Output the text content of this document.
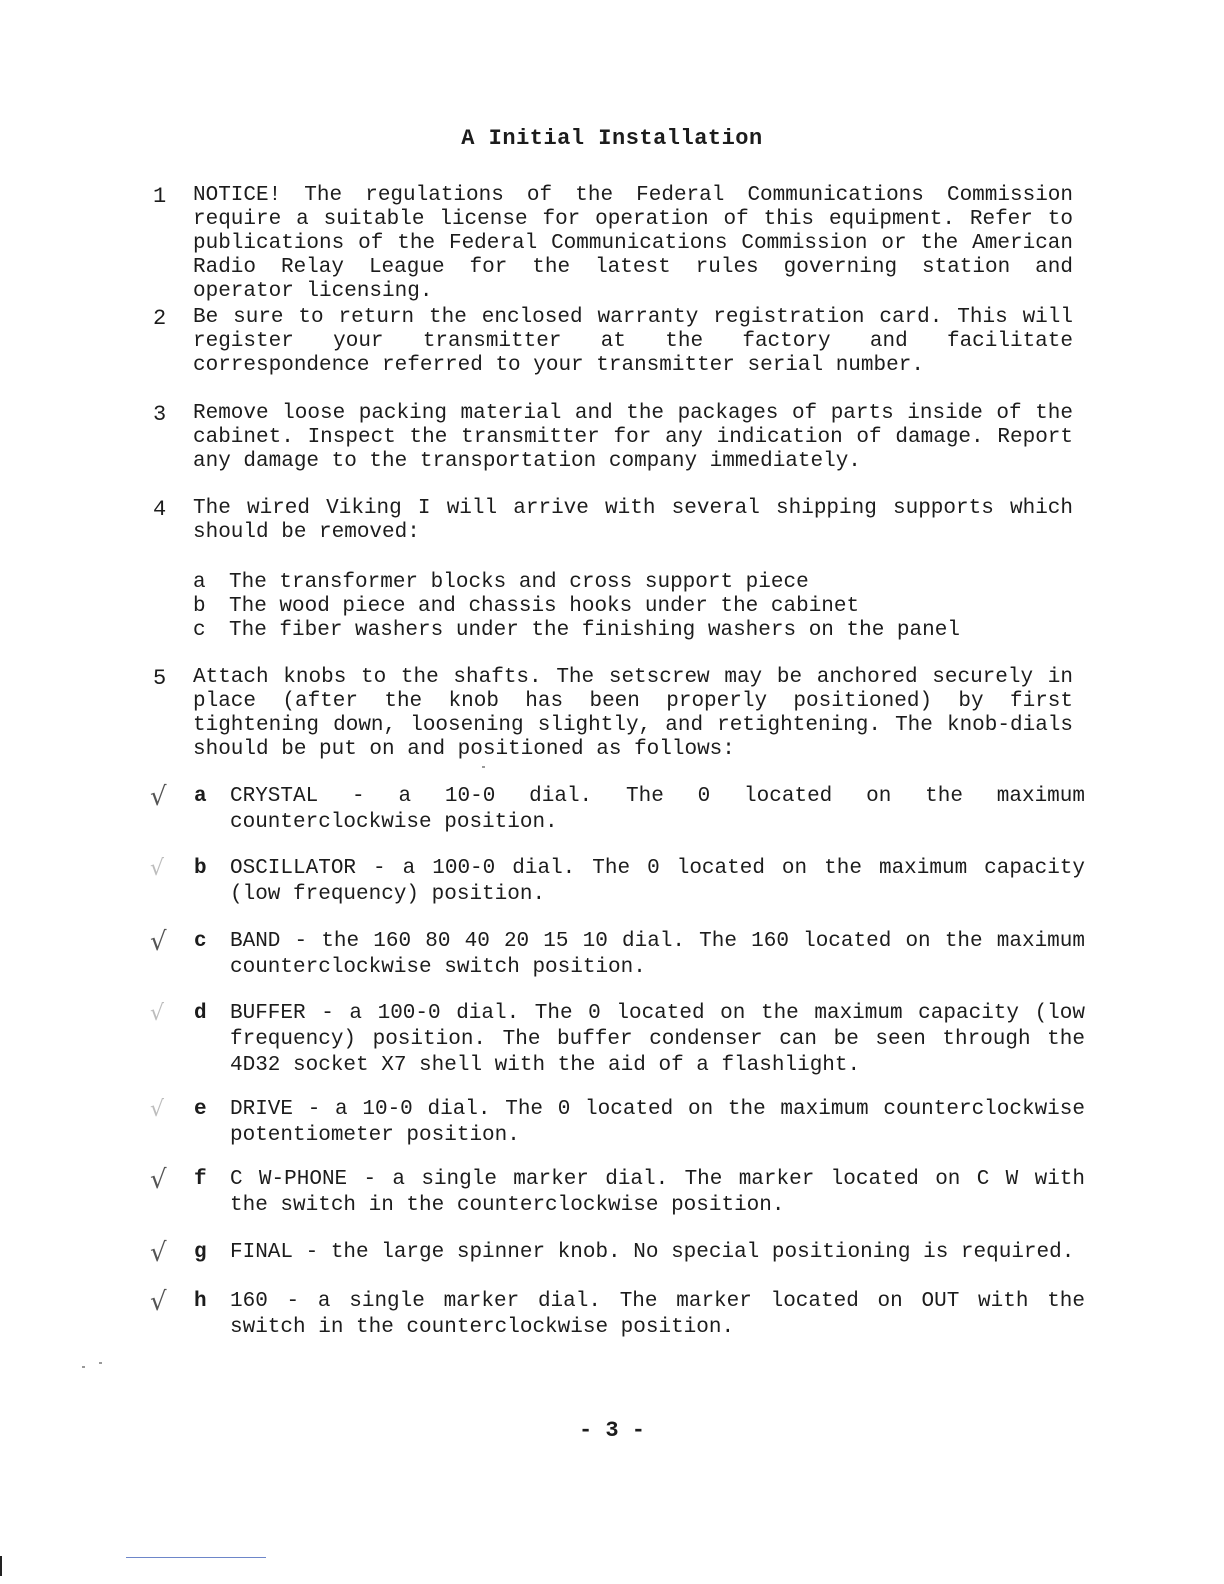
A Initial Installation
1 NOTICE! The regulations of the Federal Communications Commission require a suitable license for operation of this equipment. Refer to publications of the Federal Communications Commission or the American Radio Relay League for the latest rules governing station and operator licensing.
2 Be sure to return the enclosed warranty registration card. This will register your transmitter at the factory and facilitate correspondence referred to your transmitter serial number.
3 Remove loose packing material and the packages of parts inside of the cabinet. Inspect the transmitter for any indication of damage. Report any damage to the transportation company immediately.
4 The wired Viking I will arrive with several shipping supports which should be removed:
a The transformer blocks and cross support piece
b The wood piece and chassis hooks under the cabinet
c The fiber washers under the finishing washers on the panel
5 Attach knobs to the shafts. The setscrew may be anchored securely in place (after the knob has been properly positioned) by first tightening down, loosening slightly, and retightening. The knob-dials should be put on and positioned as follows:
√	a CRYSTAL - a 10-0 dial. The 0 located on the maximum counterclockwise position.
√	b OSCILLATOR - a 100-0 dial. The 0 located on the maximum capacity (low frequency) position.
√	c BAND - the 160 80 40 20 15 10 dial. The 160 located on the maximum counterclockwise switch position.
√	d BUFFER - a 100-0 dial. The 0 located on the maximum capacity (low frequency) position. The buffer condenser can be seen through the 4D32 socket X7 shell with the aid of a flashlight.
√	e DRIVE - a 10-0 dial. The 0 located on the maximum counterclockwise potentiometer position.
√	f C W-PHONE - a single marker dial. The marker located on C W with the switch in the counterclockwise position.
√	g FINAL - the large spinner knob. No special positioning is required.
√	h 160 - a single marker dial. The marker located on OUT with the switch in the counterclockwise position.
- 3 -
